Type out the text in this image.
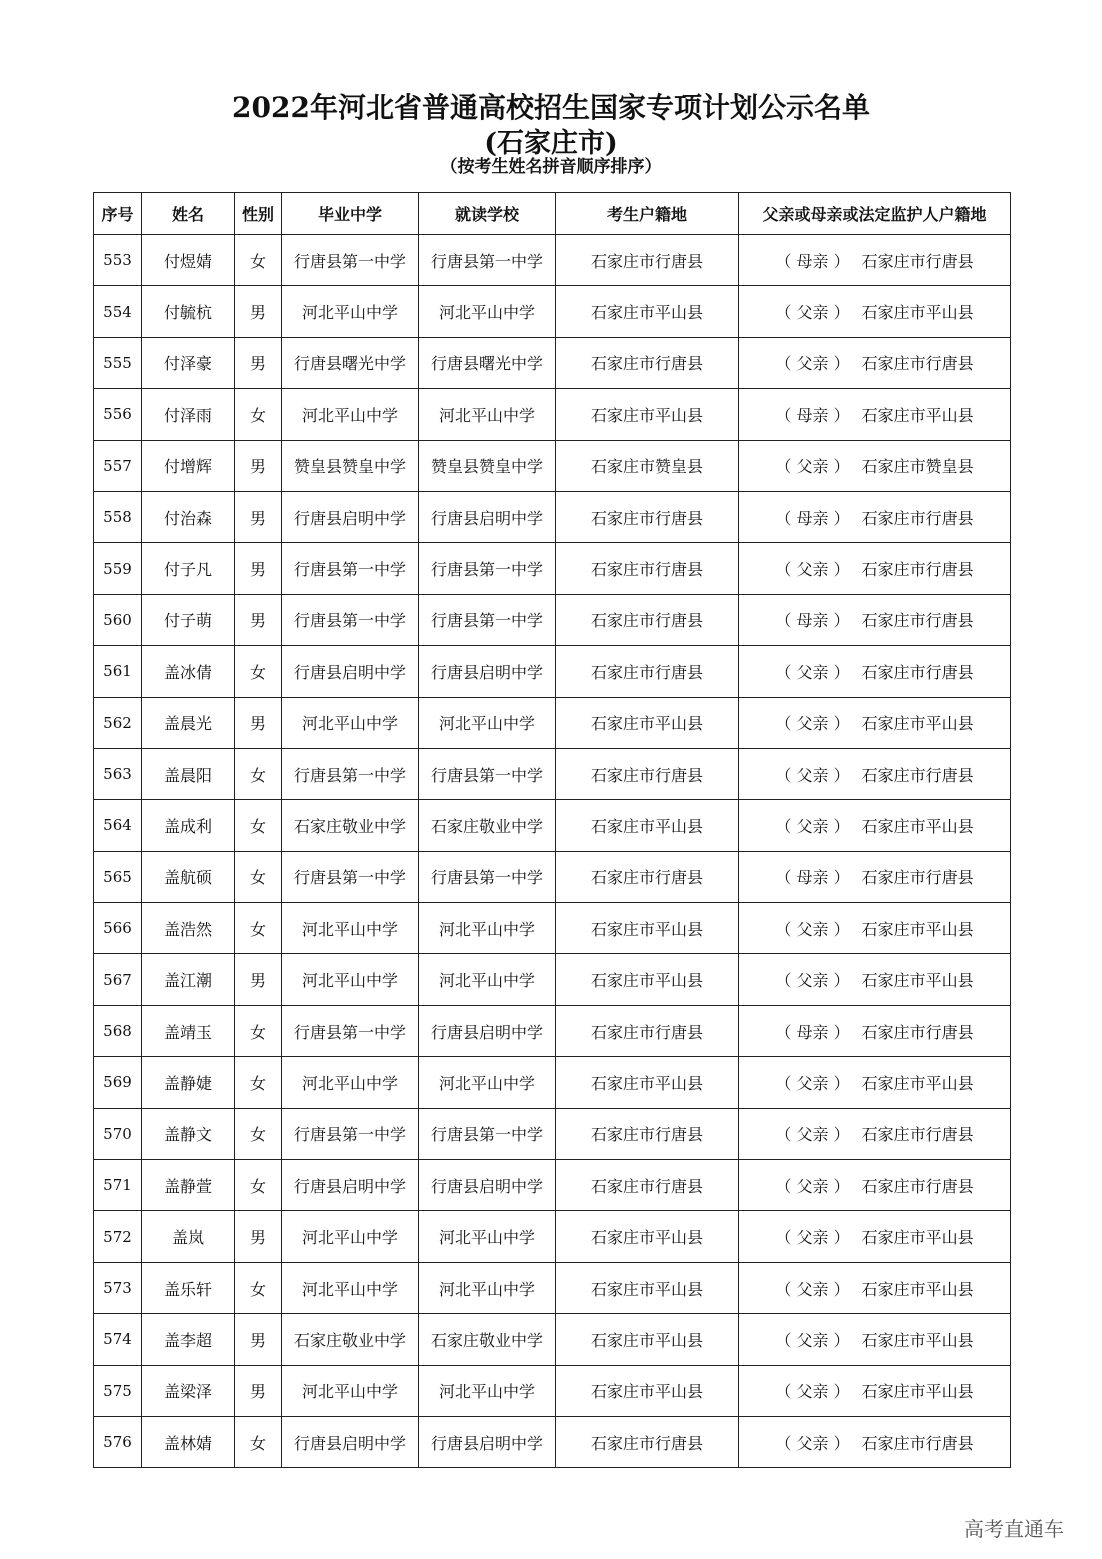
2022年河北省普通高校招生国家专项计划公示名单
(石家庄市)
（按考生姓名拼音顺序排序）
序号	姓名	性别	毕业中学	就读学校	考生户籍地	父亲或母亲或法定监护人户籍地
553	付煜婧	女	行唐县第一中学	行唐县第一中学	石家庄市行唐县	（ 母亲 ） 石家庄市行唐县
554	付毓杭	男	河北平山中学	河北平山中学	石家庄市平山县	（ 父亲 ） 石家庄市平山县
555	付泽豪	男	行唐县曙光中学	行唐县曙光中学	石家庄市行唐县	（ 父亲 ） 石家庄市行唐县
556	付泽雨	女	河北平山中学	河北平山中学	石家庄市平山县	（ 母亲 ） 石家庄市平山县
557	付增辉	男	赞皇县赞皇中学	赞皇县赞皇中学	石家庄市赞皇县	（ 父亲 ） 石家庄市赞皇县
558	付治森	男	行唐县启明中学	行唐县启明中学	石家庄市行唐县	（ 母亲 ） 石家庄市行唐县
559	付子凡	男	行唐县第一中学	行唐县第一中学	石家庄市行唐县	（ 父亲 ） 石家庄市行唐县
560	付子萌	男	行唐县第一中学	行唐县第一中学	石家庄市行唐县	（ 母亲 ） 石家庄市行唐县
561	盖冰倩	女	行唐县启明中学	行唐县启明中学	石家庄市行唐县	（ 父亲 ） 石家庄市行唐县
562	盖晨光	男	河北平山中学	河北平山中学	石家庄市平山县	（ 父亲 ） 石家庄市平山县
563	盖晨阳	女	行唐县第一中学	行唐县第一中学	石家庄市行唐县	（ 父亲 ） 石家庄市行唐县
564	盖成利	女	石家庄敬业中学	石家庄敬业中学	石家庄市平山县	（ 父亲 ） 石家庄市平山县
565	盖航硕	女	行唐县第一中学	行唐县第一中学	石家庄市行唐县	（ 母亲 ） 石家庄市行唐县
566	盖浩然	女	河北平山中学	河北平山中学	石家庄市平山县	（ 父亲 ） 石家庄市平山县
567	盖江潮	男	河北平山中学	河北平山中学	石家庄市平山县	（ 父亲 ） 石家庄市平山县
568	盖靖玉	女	行唐县第一中学	行唐县启明中学	石家庄市行唐县	（ 母亲 ） 石家庄市行唐县
569	盖静婕	女	河北平山中学	河北平山中学	石家庄市平山县	（ 父亲 ） 石家庄市平山县
570	盖静文	女	行唐县第一中学	行唐县第一中学	石家庄市行唐县	（ 父亲 ） 石家庄市行唐县
571	盖静萱	女	行唐县启明中学	行唐县启明中学	石家庄市行唐县	（ 父亲 ） 石家庄市行唐县
572	盖岚	男	河北平山中学	河北平山中学	石家庄市平山县	（ 父亲 ） 石家庄市平山县
573	盖乐轩	女	河北平山中学	河北平山中学	石家庄市平山县	（ 父亲 ） 石家庄市平山县
574	盖李超	男	石家庄敬业中学	石家庄敬业中学	石家庄市平山县	（ 父亲 ） 石家庄市平山县
575	盖梁泽	男	河北平山中学	河北平山中学	石家庄市平山县	（ 父亲 ） 石家庄市平山县
576	盖林婧	女	行唐县启明中学	行唐县启明中学	石家庄市行唐县	（ 父亲 ） 石家庄市行唐县
高考直通车
